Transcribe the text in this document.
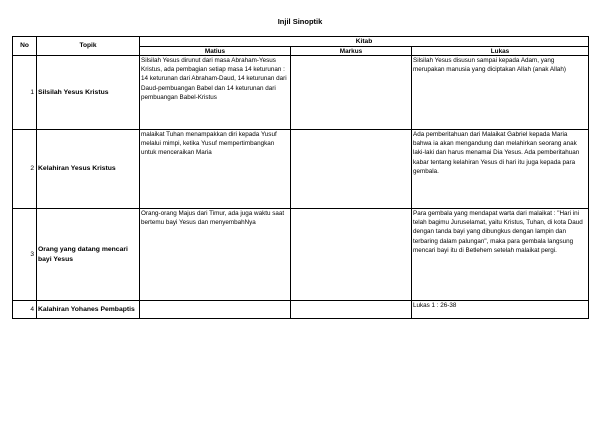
Injil Sinoptik
No	Topik	Kitab		
		Matius	Markus	Lukas
1	Silsilah Yesus Kristus	Silsilah Yesus dirunut dari masa Abraham-Yesus Kristus, ada pembagian setiap masa 14 keturunan : 14 keturunan dari Abraham-Daud, 14 keturunan dari Daud-pembuangan Babel dan 14 keturunan dari pembuangan Babel-Kristus		Silsilah Yesus disusun sampai kepada Adam, yang merupakan manusia yang diciptakan Allah (anak Allah)
2	Kelahiran Yesus Kristus	malaikat Tuhan menampakkan diri kepada Yusuf melalui mimpi, ketika Yusuf mempertimbangkan untuk menceraikan Maria		Ada pemberitahuan dari Malaikat Gabriel kepada Maria bahwa ia akan mengandung dan melahirkan seorang anak laki-laki dan harus menamai Dia Yesus. Ada pemberitahuan kabar tentang kelahiran Yesus di hari itu juga kepada para gembala.
3	Orang yang datang mencari bayi Yesus	Orang-orang Majus dari Timur, ada juga waktu saat bertemu bayi Yesus dan menyembahNya		Para gembala yang mendapat warta dari malaikat : "Hari ini telah bagimu Juruselamat, yaitu Kristus, Tuhan, di kota Daud dengan tanda bayi yang dibungkus dengan lampin dan terbaring dalam palungan", maka para gembala langsung mencari bayi itu di Betlehem setelah malaikat pergi.
4	Kalahiran Yohanes Pembaptis			Lukas 1 : 26-38
